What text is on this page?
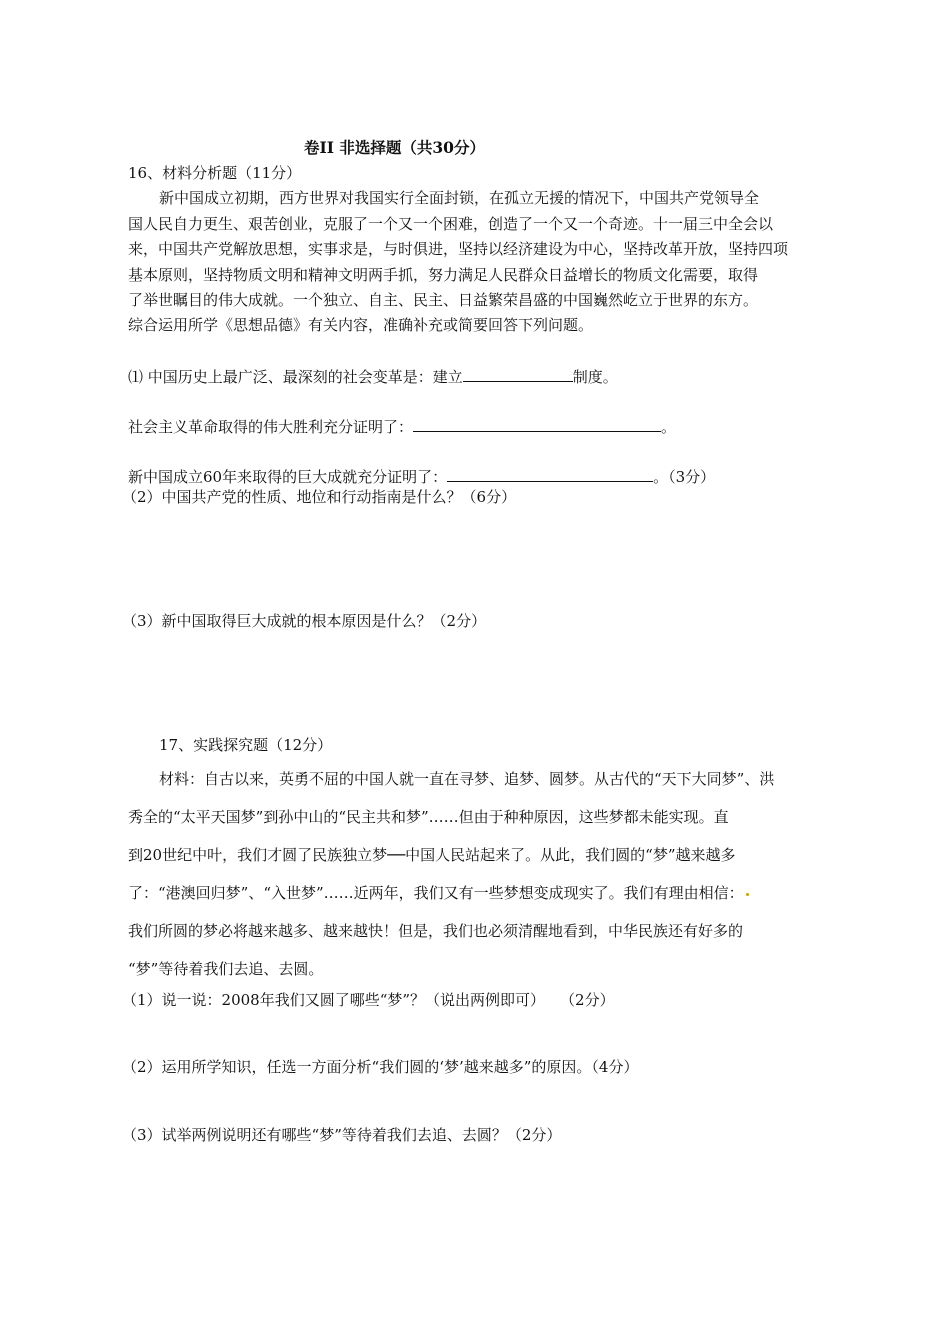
卷II 非选择题（共30分）
16、材料分析题（11分）
新中国成立初期，西方世界对我国实行全面封锁，在孤立无援的情况下，中国共产党领导全
国人民自力更生、艰苦创业，克服了一个又一个困难，创造了一个又一个奇迹。十一届三中全会以
来，中国共产党解放思想，实事求是，与时俱进，坚持以经济建设为中心，坚持改革开放，坚持四项
基本原则，坚持物质文明和精神文明两手抓，努力满足人民群众日益增长的物质文化需要，取得
了举世瞩目的伟大成就。一个独立、自主、民主、日益繁荣昌盛的中国巍然屹立于世界的东方。
综合运用所学《思想品德》有关内容，准确补充或简要回答下列问题。
⑴ 中国历史上最广泛、最深刻的社会变革是：建立	制度。
社会主义革命取得的伟大胜利充分证明了：	。
新中国成立60年来取得的巨大成就充分证明了：	。（3分）
（2）中国共产党的性质、地位和行动指南是什么？（6分）
（3）新中国取得巨大成就的根本原因是什么？（2分）
17、实践探究题（12分）
材料：自古以来，英勇不屈的中国人就一直在寻梦、追梦、圆梦。从古代的“天下大同梦”、洪
秀全的“太平天国梦”到孙中山的“民主共和梦”……但由于种种原因，这些梦都未能实现。直
到20世纪中叶，我们才圆了民族独立梦──中国人民站起来了。从此，我们圆的“梦”越来越多
了：“港澳回归梦”、“入世梦”……近两年，我们又有一些梦想变成现实了。我们有理由相信：
我们所圆的梦必将越来越多、越来越快！但是，我们也必须清醒地看到，中华民族还有好多的
“梦”等待着我们去追、去圆。
（1）说一说：2008年我们又圆了哪些“梦”？（说出两例即可）　　（2分）
（2）运用所学知识，任选一方面分析“我们圆的‘梦’越来越多”的原因。（4分）
（3）试举两例说明还有哪些“梦”等待着我们去追、去圆？（2分）
